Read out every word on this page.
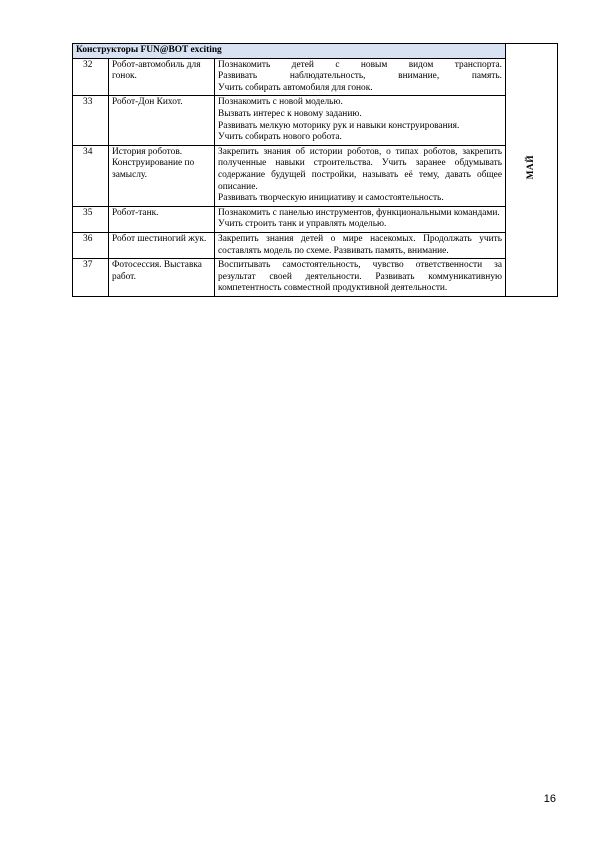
Конструкторы FUN@BOT exciting			МАЙ
32	Робот-автомобиль для гонок.	Познакомить детей с новым видом транспорта.

Развивать наблюдательность, внимание, память.

Учить собирать автомобиля для гонок.	

33	Робот-Дон Кихот.	Познакомить с новой моделью.

Вызвать интерес к новому заданию.

Развивать мелкую моторику рук и навыки конструирования.

Учить собирать нового робота.	

34	История роботов. Конструирование по замыслу.	Закрепить знания об истории роботов, о типах роботов, закрепить полученные навыки строительства. Учить заранее обдумывать содержание будущей постройки, называть её тему, давать общее описание.

Развивать творческую инициативу и самостоятельность.	

35	Робот-танк.	Познакомить с панелью инструментов, функциональными командами.

Учить строить танк и управлять моделью.	

36	Робот шестиногий жук.	Закрепить знания детей о мире насекомых. Продолжать учить составлять модель по схеме. Развивать память, внимание.	

37	Фотосессия. Выставка работ.	Воспитывать самостоятельность, чувство ответственности за результат своей деятельности. Развивать коммуникативную компетентность совместной продуктивной деятельности.	

16
